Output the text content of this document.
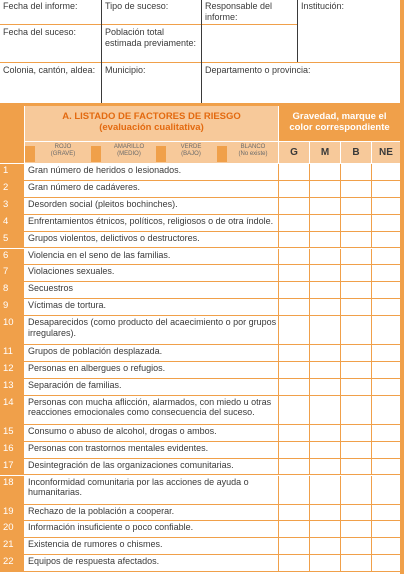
Fecha del informe:	Tipo de suceso:	Responsable del informe:
Institución:
Fecha del suceso:	Población total estimada previamente:
Colonia, cantón, aldea:	Municipio:	Departamento o provincia:
A. LISTADO DE FACTORES DE RIESGO
(evaluación cualitativa)
Gravedad, marque el
color correspondiente
ROJO
(GRAVE)
AMARILLO
(MEDIO)
VERDE
(BAJO)
BLANCO
(No existe)	G	M	B	NE
1	Gran número de heridos o lesionados.
2	Gran número de cadáveres.
3	Desorden social (pleitos bochinches).
4	Enfrentamientos étnicos, políticos, religiosos o de otra índole.
5	Grupos violentos, delictivos o destructores.
6	Violencia en el seno de las familias.
7	Violaciones sexuales.
8	Secuestros
9	Víctimas de tortura.
10	Desaparecidos (como producto del acaecimiento o por grupos irregulares).
11	Grupos de población desplazada.
12	Personas en albergues o refugios.
13	Separación de familias.
14	Personas con mucha aflicción, alarmados, con miedo u otras reacciones emocionales como consecuencia del suceso.
15	Consumo o abuso de alcohol, drogas o ambos.
16	Personas con trastornos mentales evidentes.
17	Desintegración de las organizaciones comunitarias.
18	Inconformidad comunitaria por las acciones de ayuda o humanitarias.
19	Rechazo de la población a cooperar.
20	Información insuficiente o poco confiable.
21	Existencia de rumores o chismes.
22	Equipos de respuesta afectados.
